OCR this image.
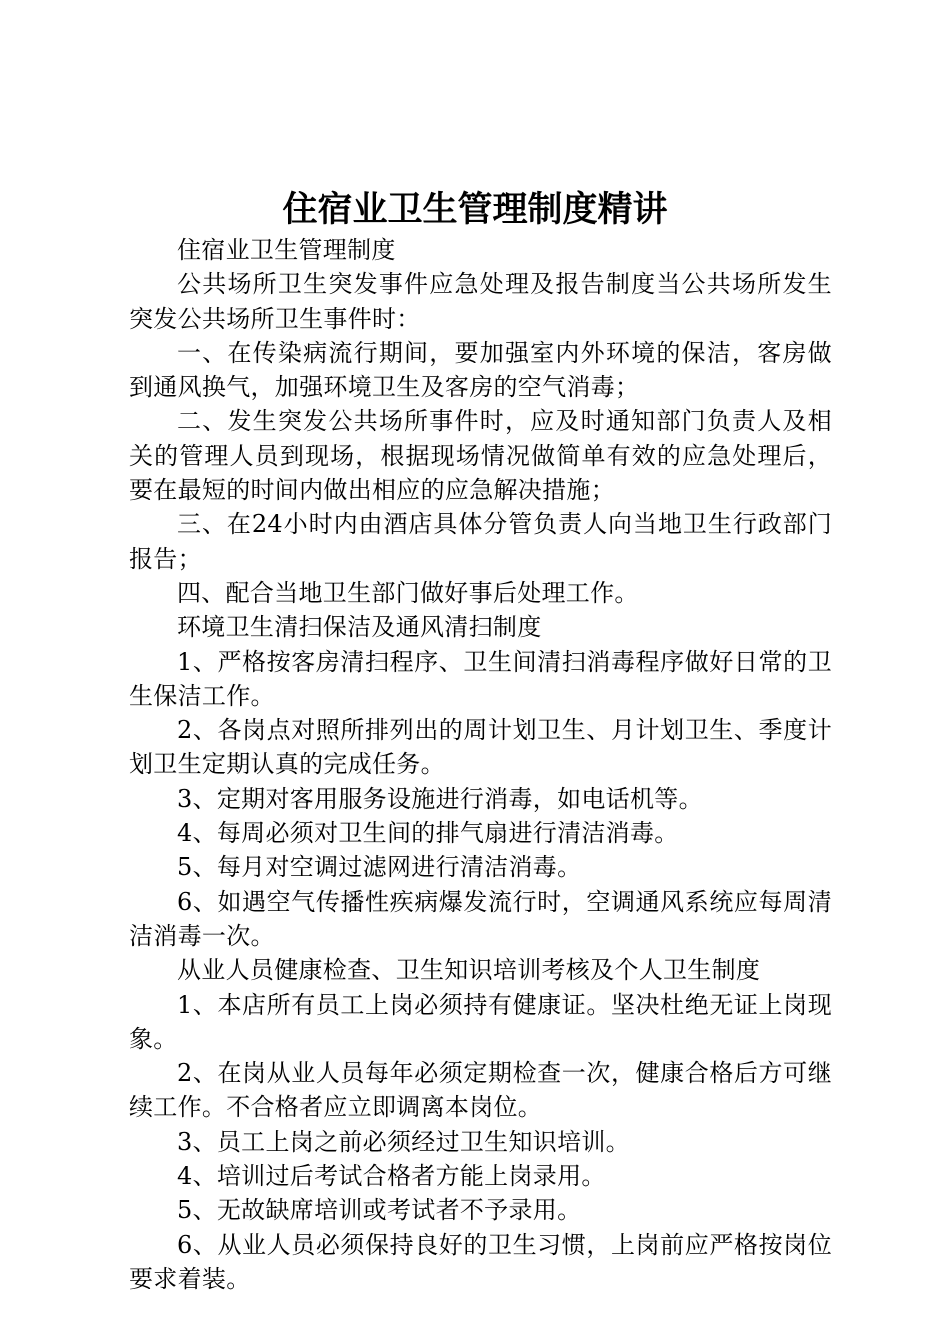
住宿业卫生管理制度精讲

住宿业卫生管理制度

公共场所卫生突发事件应急处理及报告制度当公共场所发生突发公共场所卫生事件时：

一、在传染病流行期间，要加强室内外环境的保洁，客房做到通风换气，加强环境卫生及客房的空气消毒；

二、发生突发公共场所事件时，应及时通知部门负责人及相关的管理人员到现场，根据现场情况做简单有效的应急处理后，要在最短的时间内做出相应的应急解决措施；

三、在24小时内由酒店具体分管负责人向当地卫生行政部门报告；

四、配合当地卫生部门做好事后处理工作。

环境卫生清扫保洁及通风清扫制度

1、严格按客房清扫程序、卫生间清扫消毒程序做好日常的卫生保洁工作。

2、各岗点对照所排列出的周计划卫生、月计划卫生、季度计划卫生定期认真的完成任务。

3、定期对客用服务设施进行消毒，如电话机等。

4、每周必须对卫生间的排气扇进行清洁消毒。

5、每月对空调过滤网进行清洁消毒。

6、如遇空气传播性疾病爆发流行时，空调通风系统应每周清洁消毒一次。

从业人员健康检查、卫生知识培训考核及个人卫生制度

1、本店所有员工上岗必须持有健康证。坚决杜绝无证上岗现象。

2、在岗从业人员每年必须定期检查一次，健康合格后方可继续工作。不合格者应立即调离本岗位。

3、员工上岗之前必须经过卫生知识培训。

4、培训过后考试合格者方能上岗录用。

5、无故缺席培训或考试者不予录用。

6、从业人员必须保持良好的卫生习惯，上岗前应严格按岗位要求着装。
